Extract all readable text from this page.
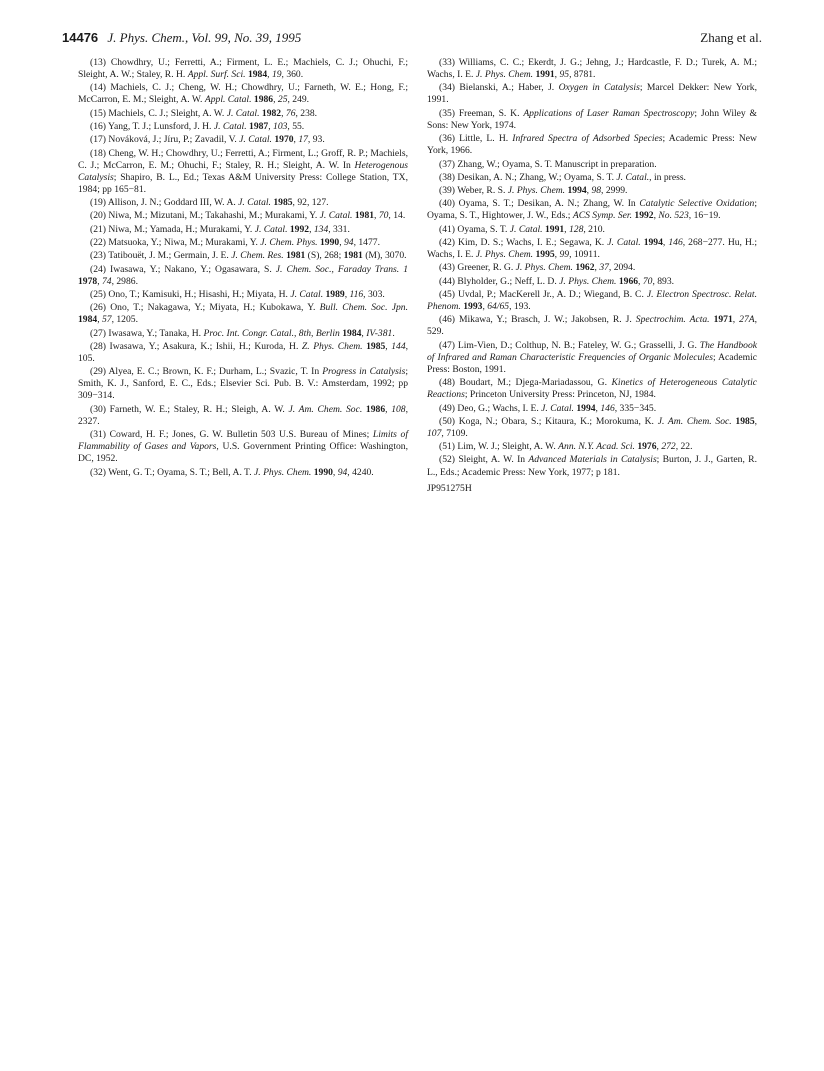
14476 J. Phys. Chem., Vol. 99, No. 39, 1995	Zhang et al.

(13) Chowdhry, U.; Ferretti, A.; Firment, L. E.; Machiels, C. J.; Ohuchi, F.; Sleight, A. W.; Staley, R. H. Appl. Surf. Sci. 1984, 19, 360.

(14) Machiels, C. J.; Cheng, W. H.; Chowdhry, U.; Farneth, W. E.; Hong, F.; McCarron, E. M.; Sleight, A. W. Appl. Catal. 1986, 25, 249.

(15) Machiels, C. J.; Sleight, A. W. J. Catal. 1982, 76, 238.

(16) Yang, T. J.; Lunsford, J. H. J. Catal. 1987, 103, 55.

(17) Nováková, J.; Jíru, P.; Zavadil, V. J. Catal. 1970, 17, 93.

(18) Cheng, W. H.; Chowdhry, U.; Ferretti, A.; Firment, L.; Groff, R. P.; Machiels, C. J.; McCarron, E. M.; Ohuchi, F.; Staley, R. H.; Sleight, A. W. In Heterogenous Catalysis; Shapiro, B. L., Ed.; Texas A&M University Press: College Station, TX, 1984; pp 165−81.

(19) Allison, J. N.; Goddard III, W. A. J. Catal. 1985, 92, 127.

(20) Niwa, M.; Mizutani, M.; Takahashi, M.; Murakami, Y. J. Catal. 1981, 70, 14.

(21) Niwa, M.; Yamada, H.; Murakami, Y. J. Catal. 1992, 134, 331.

(22) Matsuoka, Y.; Niwa, M.; Murakami, Y. J. Chem. Phys. 1990, 94, 1477.

(23) Tatibouët, J. M.; Germain, J. E. J. Chem. Res. 1981 (S), 268; 1981 (M), 3070.

(24) Iwasawa, Y.; Nakano, Y.; Ogasawara, S. J. Chem. Soc., Faraday Trans. 1 1978, 74, 2986.

(25) Ono, T.; Kamisuki, H.; Hisashi, H.; Miyata, H. J. Catal. 1989, 116, 303.

(26) Ono, T.; Nakagawa, Y.; Miyata, H.; Kubokawa, Y. Bull. Chem. Soc. Jpn. 1984, 57, 1205.

(27) Iwasawa, Y.; Tanaka, H. Proc. Int. Congr. Catal., 8th, Berlin 1984, IV-381.

(28) Iwasawa, Y.; Asakura, K.; Ishii, H.; Kuroda, H. Z. Phys. Chem. 1985, 144, 105.

(29) Alyea, E. C.; Brown, K. F.; Durham, L.; Svazic, T. In Progress in Catalysis; Smith, K. J., Sanford, E. C., Eds.; Elsevier Sci. Pub. B. V.: Amsterdam, 1992; pp 309−314.

(30) Farneth, W. E.; Staley, R. H.; Sleigh, A. W. J. Am. Chem. Soc. 1986, 108, 2327.

(31) Coward, H. F.; Jones, G. W. Bulletin 503 U.S. Bureau of Mines; Limits of Flammability of Gases and Vapors, U.S. Government Printing Office: Washington, DC, 1952.

(32) Went, G. T.; Oyama, S. T.; Bell, A. T. J. Phys. Chem. 1990, 94, 4240.

(33) Williams, C. C.; Ekerdt, J. G.; Jehng, J.; Hardcastle, F. D.; Turek, A. M.; Wachs, I. E. J. Phys. Chem. 1991, 95, 8781.

(34) Bielanski, A.; Haber, J. Oxygen in Catalysis; Marcel Dekker: New York, 1991.

(35) Freeman, S. K. Applications of Laser Raman Spectroscopy; John Wiley & Sons: New York, 1974.

(36) Little, L. H. Infrared Spectra of Adsorbed Species; Academic Press: New York, 1966.

(37) Zhang, W.; Oyama, S. T. Manuscript in preparation.

(38) Desikan, A. N.; Zhang, W.; Oyama, S. T. J. Catal., in press.

(39) Weber, R. S. J. Phys. Chem. 1994, 98, 2999.

(40) Oyama, S. T.; Desikan, A. N.; Zhang, W. In Catalytic Selective Oxidation; Oyama, S. T., Hightower, J. W., Eds.; ACS Symp. Ser. 1992, No. 523, 16−19.

(41) Oyama, S. T. J. Catal. 1991, 128, 210.

(42) Kim, D. S.; Wachs, I. E.; Segawa, K. J. Catal. 1994, 146, 268−277. Hu, H.; Wachs, I. E. J. Phys. Chem. 1995, 99, 10911.

(43) Greener, R. G. J. Phys. Chem. 1962, 37, 2094.

(44) Blyholder, G.; Neff, L. D. J. Phys. Chem. 1966, 70, 893.

(45) Uvdal, P.; MacKerell Jr., A. D.; Wiegand, B. C. J. Electron Spectrosc. Relat. Phenom. 1993, 64/65, 193.

(46) Mikawa, Y.; Brasch, J. W.; Jakobsen, R. J. Spectrochim. Acta. 1971, 27A, 529.

(47) Lim-Vien, D.; Colthup, N. B.; Fateley, W. G.; Grasselli, J. G. The Handbook of Infrared and Raman Characteristic Frequencies of Organic Molecules; Academic Press: Boston, 1991.

(48) Boudart, M.; Djega-Mariadassou, G. Kinetics of Heterogeneous Catalytic Reactions; Princeton University Press: Princeton, NJ, 1984.

(49) Deo, G.; Wachs, I. E. J. Catal. 1994, 146, 335−345.

(50) Koga, N.; Obara, S.; Kitaura, K.; Morokuma, K. J. Am. Chem. Soc. 1985, 107, 7109.

(51) Lim, W. J.; Sleight, A. W. Ann. N.Y. Acad. Sci. 1976, 272, 22.

(52) Sleight, A. W. In Advanced Materials in Catalysis; Burton, J. J., Garten, R. L., Eds.; Academic Press: New York, 1977; p 181.

JP951275H
